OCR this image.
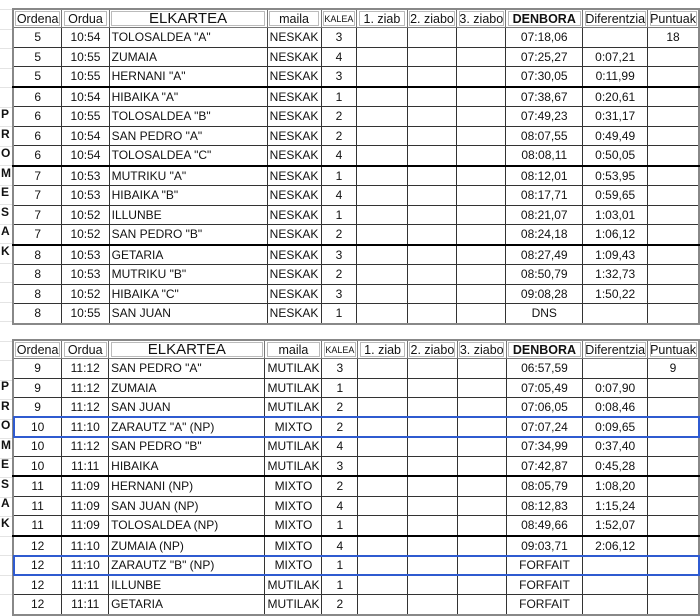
P
R
O
M
E
S
A
K
P
R
O
M
E
S
A
K
Ordena	Ordua	ELKARTEA	maila	KALEA	1. ziab	2. ziabo	3. ziabo	DENBORA	Diferentzia	Puntuak
5	10:54	TOLOSALDEA "A"	NESKAK	3				07:18,06		18
5	10:55	ZUMAIA	NESKAK	4				07:25,27	0:07,21	
5	10:55	HERNANI "A"	NESKAK	3				07:30,05	0:11,99	
6	10:54	HIBAIKA "A"	NESKAK	1				07:38,67	0:20,61	
6	10:55	TOLOSALDEA "B"	NESKAK	2				07:49,23	0:31,17	
6	10:54	SAN PEDRO "A"	NESKAK	2				08:07,55	0:49,49	
6	10:54	TOLOSALDEA "C"	NESKAK	4				08:08,11	0:50,05	
7	10:53	MUTRIKU "A"	NESKAK	1				08:12,01	0:53,95	
7	10:53	HIBAIKA "B"	NESKAK	4				08:17,71	0:59,65	
7	10:52	ILLUNBE	NESKAK	1				08:21,07	1:03,01	
7	10:52	SAN PEDRO "B"	NESKAK	2				08:24,18	1:06,12	
8	10:53	GETARIA	NESKAK	3				08:27,49	1:09,43	
8	10:53	MUTRIKU "B"	NESKAK	2				08:50,79	1:32,73	
8	10:52	HIBAIKA "C"	NESKAK	3				09:08,28	1:50,22	
8	10:55	SAN JUAN	NESKAK	1				DNS		
Ordena	Ordua	ELKARTEA	maila	KALEA	1. ziab	2. ziabo	3. ziabo	DENBORA	Diferentzia	Puntuak
9	11:12	SAN PEDRO "A"	MUTILAK	3				06:57,59		9
9	11:12	ZUMAIA	MUTILAK	1				07:05,49	0:07,90	
9	11:12	SAN JUAN	MUTILAK	2				07:06,05	0:08,46	
10	11:10	ZARAUTZ "A" (NP)	MIXTO	2				07:07,24	0:09,65	
10	11:12	SAN PEDRO "B"	MUTILAK	4				07:34,99	0:37,40	
10	11:11	HIBAIKA	MUTILAK	3				07:42,87	0:45,28	
11	11:09	HERNANI (NP)	MIXTO	2				08:05,79	1:08,20	
11	11:09	SAN JUAN (NP)	MIXTO	4				08:12,83	1:15,24	
11	11:09	TOLOSALDEA (NP)	MIXTO	1				08:49,66	1:52,07	
12	11:10	ZUMAIA (NP)	MIXTO	4				09:03,71	2:06,12	
12	11:10	ZARAUTZ "B" (NP)	MIXTO	1				FORFAIT		
12	11:11	ILLUNBE	MUTILAK	1				FORFAIT		
12	11:11	GETARIA	MUTILAK	2				FORFAIT		
